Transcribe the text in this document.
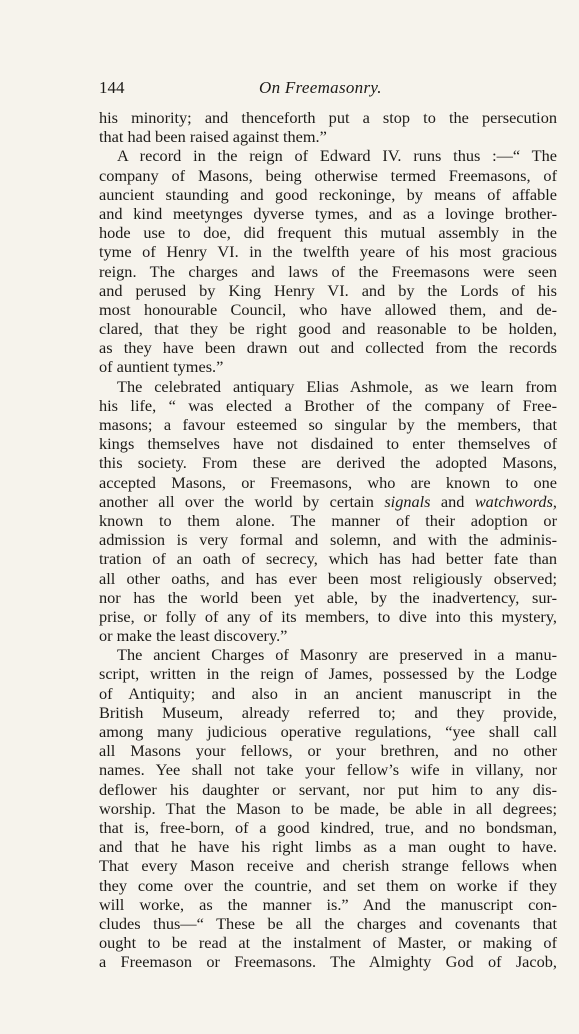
144	On Freemasonry.
his minority; and thenceforth put a stop to the persecution
that had been raised against them.”
A record in the reign of Edward IV. runs thus :—“ The
company of Masons, being otherwise termed Freemasons, of
auncient staunding and good reckoninge, by means of affable
and kind meetynges dyverse tymes, and as a lovinge brother-
hode use to doe, did frequent this mutual assembly in the
tyme of Henry VI. in the twelfth yeare of his most gracious
reign. The charges and laws of the Freemasons were seen
and perused by King Henry VI. and by the Lords of his
most honourable Council, who have allowed them, and de-
clared, that they be right good and reasonable to be holden,
as they have been drawn out and collected from the records
of auntient tymes.”
The celebrated antiquary Elias Ashmole, as we learn from
his life, “ was elected a Brother of the company of Free-
masons; a favour esteemed so singular by the members, that
kings themselves have not disdained to enter themselves of
this society. From these are derived the adopted Masons,
accepted Masons, or Freemasons, who are known to one
another all over the world by certain signals and watchwords,
known to them alone. The manner of their adoption or
admission is very formal and solemn, and with the adminis-
tration of an oath of secrecy, which has had better fate than
all other oaths, and has ever been most religiously observed;
nor has the world been yet able, by the inadvertency, sur-
prise, or folly of any of its members, to dive into this mystery,
or make the least discovery.”
The ancient Charges of Masonry are preserved in a manu-
script, written in the reign of James, possessed by the Lodge
of Antiquity; and also in an ancient manuscript in the
British Museum, already referred to; and they provide,
among many judicious operative regulations, “yee shall call
all Masons your fellows, or your brethren, and no other
names. Yee shall not take your fellow’s wife in villany, nor
deflower his daughter or servant, nor put him to any dis-
worship. That the Mason to be made, be able in all degrees;
that is, free-born, of a good kindred, true, and no bondsman,
and that he have his right limbs as a man ought to have.
That every Mason receive and cherish strange fellows when
they come over the countrie, and set them on worke if they
will worke, as the manner is.” And the manuscript con-
cludes thus—“ These be all the charges and covenants that
ought to be read at the instalment of Master, or making of
a Freemason or Freemasons. The Almighty God of Jacob,
